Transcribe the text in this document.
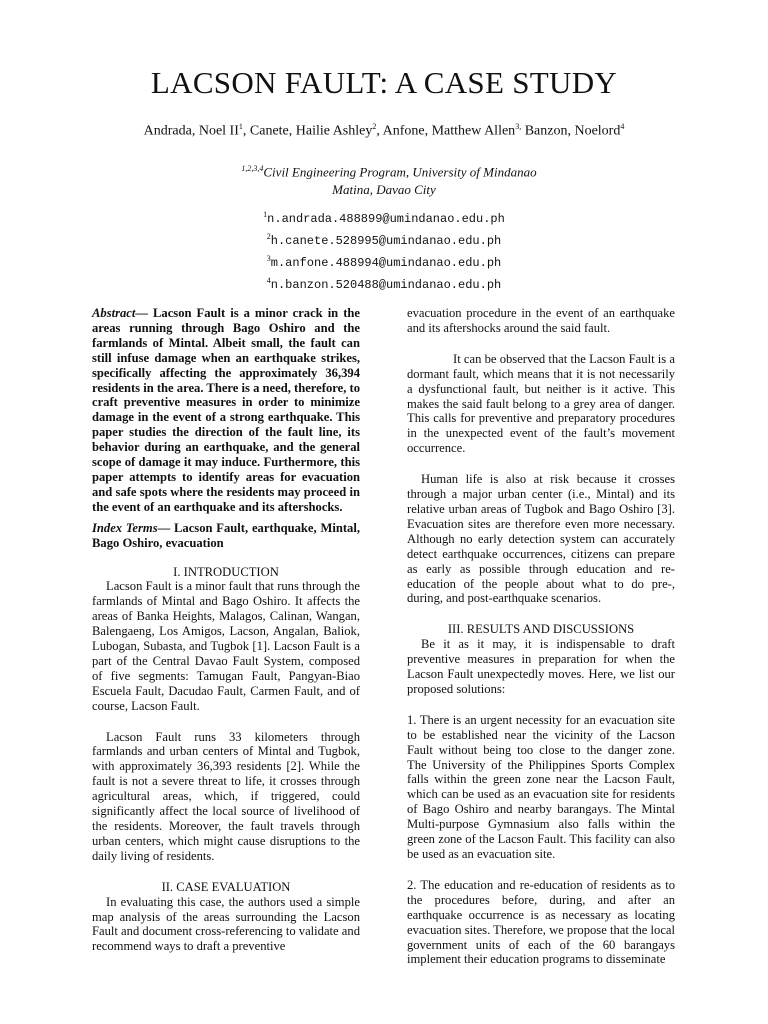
LACSON FAULT: A CASE STUDY
Andrada, Noel $II^1$, Canete, Hailie Ashley$^2$, Anfone, Matthew Allen$^{3,}$ Banzon, Noelord$^4$
$^{1,2,3,4}$Civil Engineering Program, University of Mindanao
Matina, Davao City
$^1$n.andrada.488899@umindanao.edu.ph
$^2$h.canete.528995@umindanao.edu.ph
$^3$m.anfone.488994@umindanao.edu.ph
$^4$n.banzon.520488@umindanao.edu.ph

Abstract— Lacson Fault is a minor crack in the areas running through Bago Oshiro and the farmlands of Mintal. Albeit small, the fault can still infuse damage when an earthquake strikes, specifically affecting the approximately 36,394 residents in the area. There is a need, therefore, to craft preventive measures in order to minimize damage in the event of a strong earthquake. This paper studies the direction of the fault line, its behavior during an earthquake, and the general scope of damage it may induce. Furthermore, this paper attempts to identify areas for evacuation and safe spots where the residents may proceed in the event of an earthquake and its aftershocks.

Index Terms— Lacson Fault, earthquake, Mintal, Bago Oshiro, evacuation

I. INTRODUCTION

Lacson Fault is a minor fault that runs through the farmlands of Mintal and Bago Oshiro. It affects the areas of Banka Heights, Malagos, Calinan, Wangan, Balengaeng, Los Amigos, Lacson, Angalan, Baliok, Lubogan, Subasta, and Tugbok [1]. Lacson Fault is a part of the Central Davao Fault System, composed of five segments: Tamugan Fault, Pangyan-Biao Escuela Fault, Dacudao Fault, Carmen Fault, and of course, Lacson Fault.

Lacson Fault runs 33 kilometers through farmlands and urban centers of Mintal and Tugbok, with approximately 36,393 residents [2]. While the fault is not a severe threat to life, it crosses through agricultural areas, which, if triggered, could significantly affect the local source of livelihood of the residents. Moreover, the fault travels through urban centers, which might cause disruptions to the daily living of residents.

II. CASE EVALUATION

In evaluating this case, the authors used a simple map analysis of the areas surrounding the Lacson Fault and document cross-referencing to validate and recommend ways to draft a preventive

evacuation procedure in the event of an earthquake and its aftershocks around the said fault.

It can be observed that the Lacson Fault is a dormant fault, which means that it is not necessarily a dysfunctional fault, but neither is it active. This makes the said fault belong to a grey area of danger. This calls for preventive and preparatory procedures in the unexpected event of the fault’s movement occurrence.

Human life is also at risk because it crosses through a major urban center (i.e., Mintal) and its relative urban areas of Tugbok and Bago Oshiro [3]. Evacuation sites are therefore even more necessary. Although no early detection system can accurately detect earthquake occurrences, citizens can prepare as early as possible through education and re-education of the people about what to do pre-, during, and post-earthquake scenarios.

III. RESULTS AND DISCUSSIONS

Be it as it may, it is indispensable to draft preventive measures in preparation for when the Lacson Fault unexpectedly moves. Here, we list our proposed solutions:

1. There is an urgent necessity for an evacuation site to be established near the vicinity of the Lacson Fault without being too close to the danger zone. The University of the Philippines Sports Complex falls within the green zone near the Lacson Fault, which can be used as an evacuation site for residents of Bago Oshiro and nearby barangays. The Mintal Multi-purpose Gymnasium also falls within the green zone of the Lacson Fault. This facility can also be used as an evacuation site.

2. The education and re-education of residents as to the procedures before, during, and after an earthquake occurrence is as necessary as locating evacuation sites. Therefore, we propose that the local government units of each of the 60 barangays implement their education programs to disseminate
